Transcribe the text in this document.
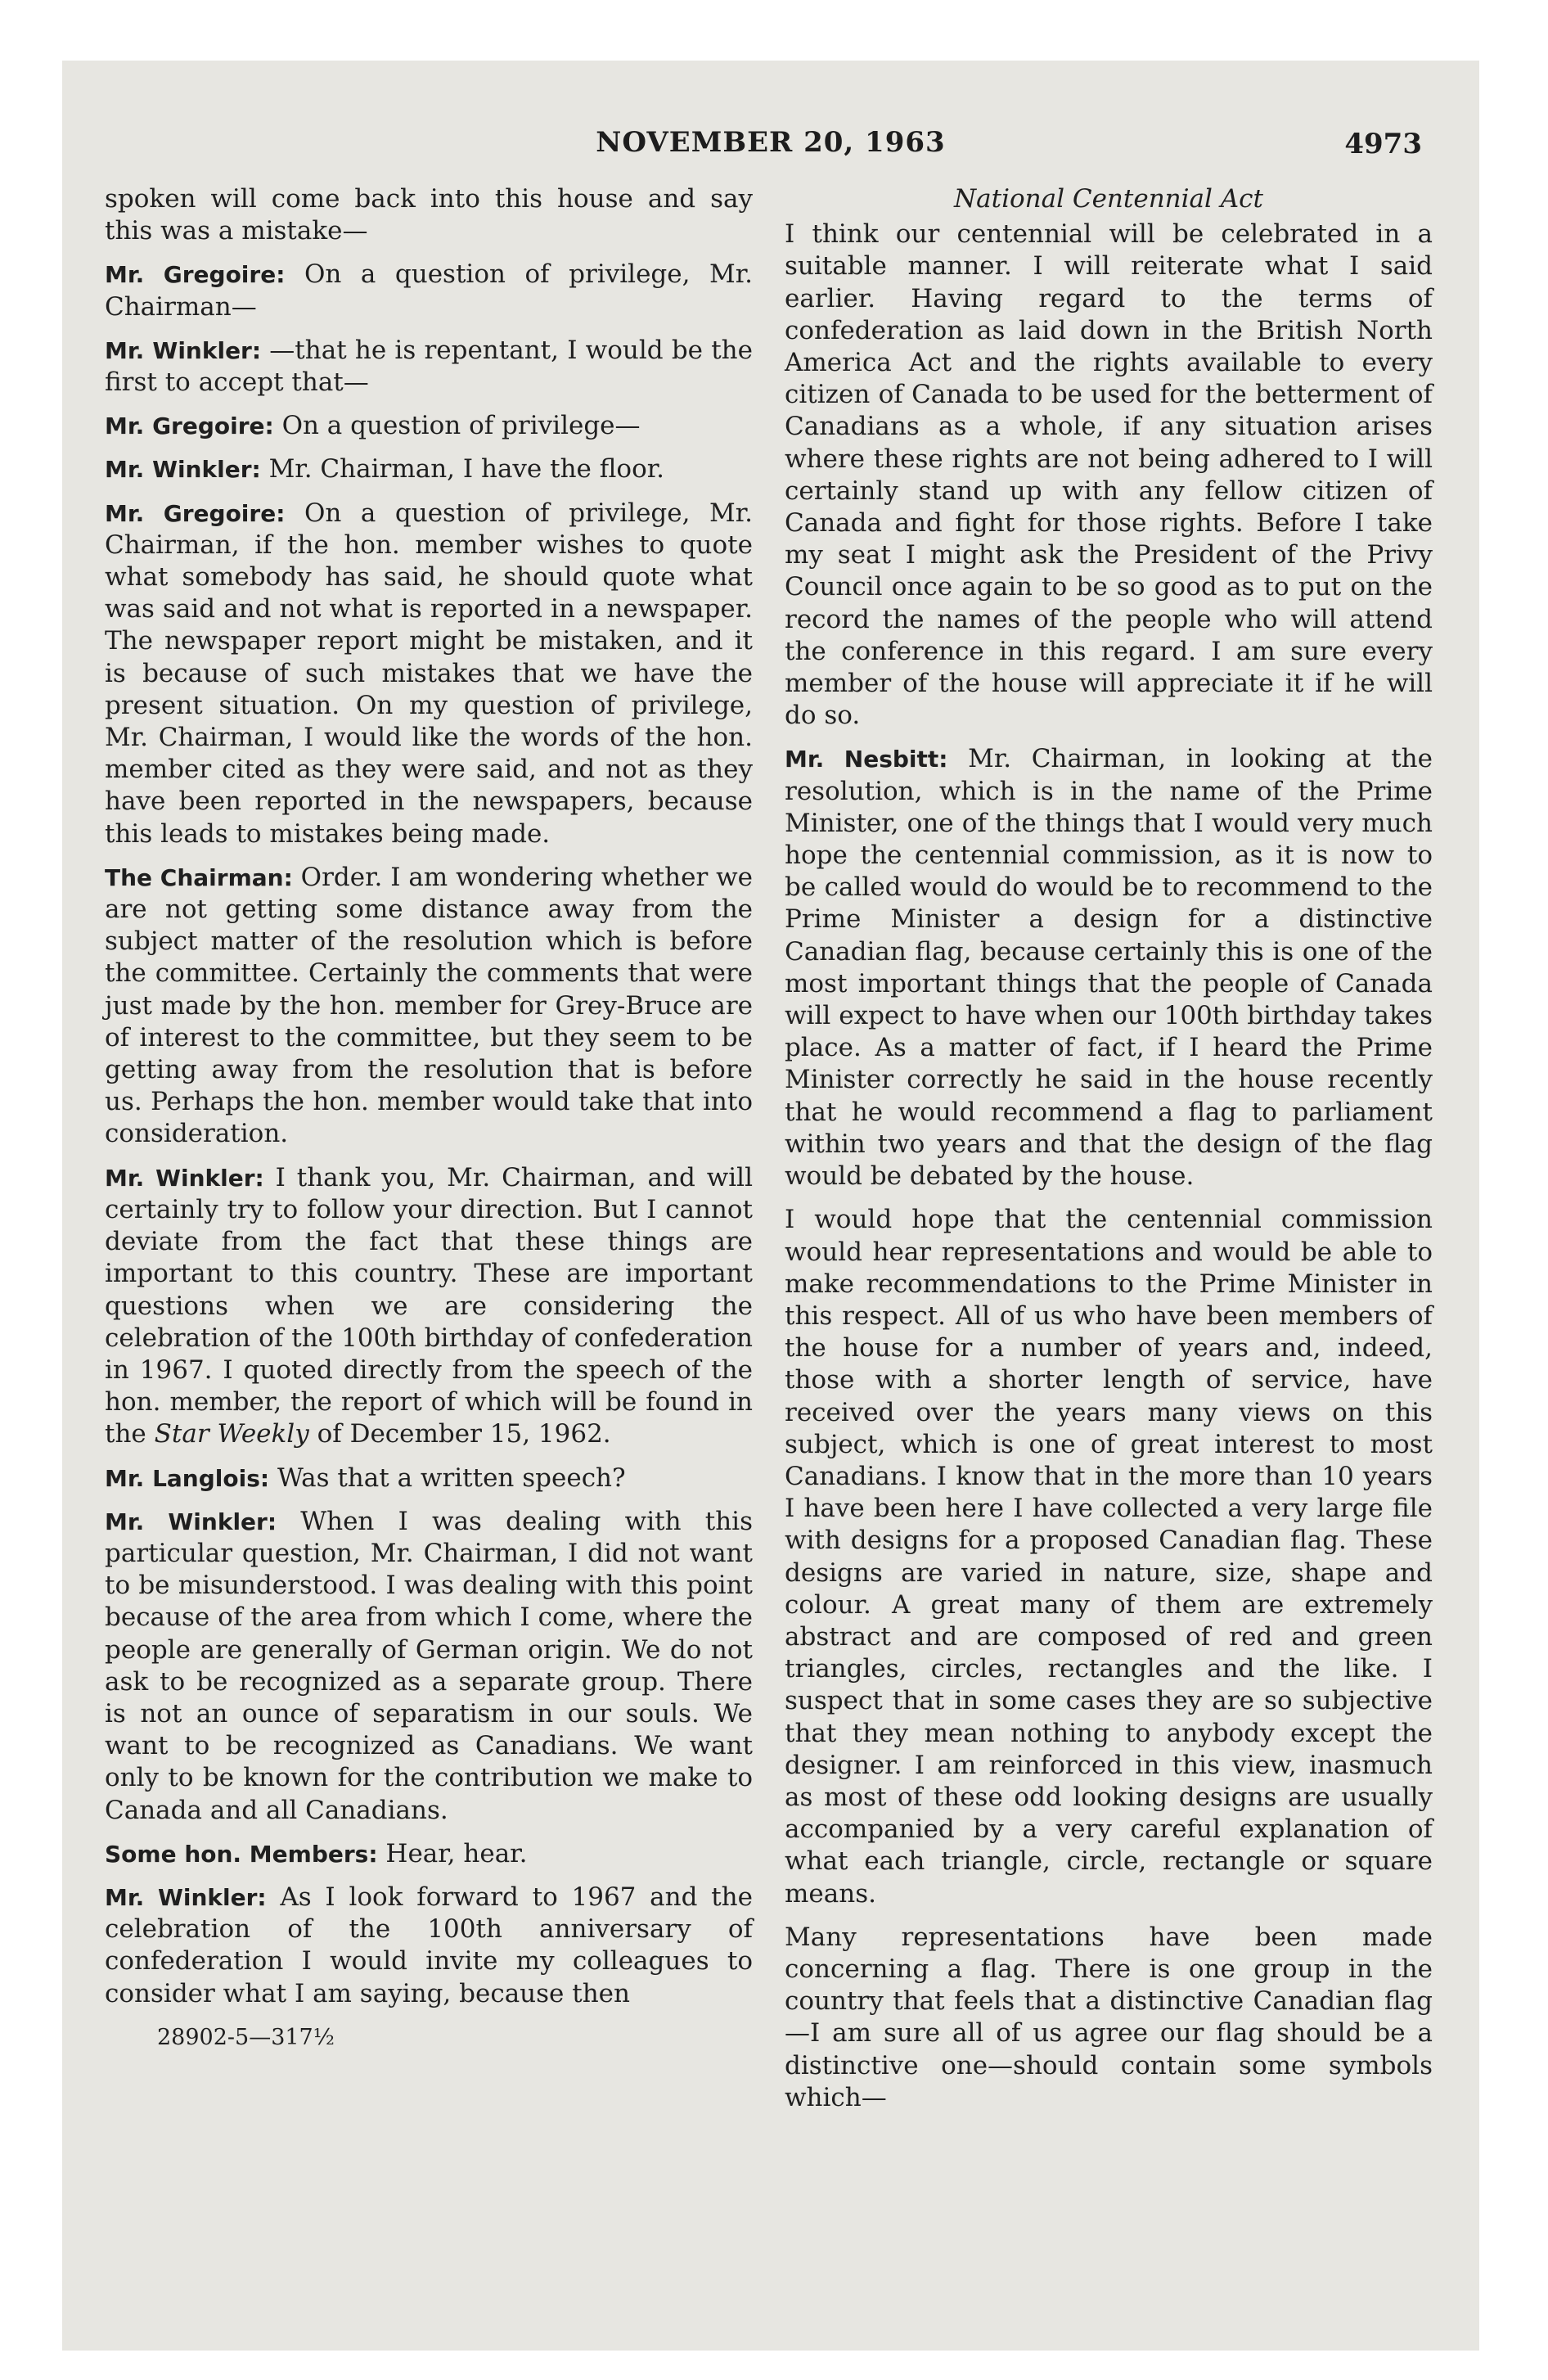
NOVEMBER 20, 1963	4973

spoken will come back into this house and say this was a mistake—

Mr. Gregoire: On a question of privilege, Mr. Chairman—

Mr. Winkler: —that he is repentant, I would be the first to accept that—

Mr. Gregoire: On a question of privilege—

Mr. Winkler: Mr. Chairman, I have the floor.

Mr. Gregoire: On a question of privilege, Mr. Chairman, if the hon. member wishes to quote what somebody has said, he should quote what was said and not what is reported in a newspaper. The newspaper report might be mistaken, and it is because of such mistakes that we have the present situation. On my question of privilege, Mr. Chairman, I would like the words of the hon. member cited as they were said, and not as they have been reported in the newspapers, because this leads to mistakes being made.

The Chairman: Order. I am wondering whether we are not getting some distance away from the subject matter of the resolution which is before the committee. Certainly the comments that were just made by the hon. member for Grey-Bruce are of interest to the committee, but they seem to be getting away from the resolution that is before us. Perhaps the hon. member would take that into consideration.

Mr. Winkler: I thank you, Mr. Chairman, and will certainly try to follow your direction. But I cannot deviate from the fact that these things are important to this country. These are important questions when we are considering the celebration of the 100th birthday of confederation in 1967. I quoted directly from the speech of the hon. member, the report of which will be found in the Star Weekly of December 15, 1962.

Mr. Langlois: Was that a written speech?

Mr. Winkler: When I was dealing with this particular question, Mr. Chairman, I did not want to be misunderstood. I was dealing with this point because of the area from which I come, where the people are generally of German origin. We do not ask to be recognized as a separate group. There is not an ounce of separatism in our souls. We want to be recognized as Canadians. We want only to be known for the contribution we make to Canada and all Canadians.

Some hon. Members: Hear, hear.

Mr. Winkler: As I look forward to 1967 and the celebration of the 100th anniversary of confederation I would invite my colleagues to consider what I am saying, because then

28902-5—317½

National Centennial Act

I think our centennial will be celebrated in a suitable manner. I will reiterate what I said earlier. Having regard to the terms of confederation as laid down in the British North America Act and the rights available to every citizen of Canada to be used for the betterment of Canadians as a whole, if any situation arises where these rights are not being adhered to I will certainly stand up with any fellow citizen of Canada and fight for those rights. Before I take my seat I might ask the President of the Privy Council once again to be so good as to put on the record the names of the people who will attend the conference in this regard. I am sure every member of the house will appreciate it if he will do so.

Mr. Nesbitt: Mr. Chairman, in looking at the resolution, which is in the name of the Prime Minister, one of the things that I would very much hope the centennial commission, as it is now to be called would do would be to recommend to the Prime Minister a design for a distinctive Canadian flag, because certainly this is one of the most important things that the people of Canada will expect to have when our 100th birthday takes place. As a matter of fact, if I heard the Prime Minister correctly he said in the house recently that he would recommend a flag to parliament within two years and that the design of the flag would be debated by the house.

I would hope that the centennial commission would hear representations and would be able to make recommendations to the Prime Minister in this respect. All of us who have been members of the house for a number of years and, indeed, those with a shorter length of service, have received over the years many views on this subject, which is one of great interest to most Canadians. I know that in the more than 10 years I have been here I have collected a very large file with designs for a proposed Canadian flag. These designs are varied in nature, size, shape and colour. A great many of them are extremely abstract and are composed of red and green triangles, circles, rectangles and the like. I suspect that in some cases they are so subjective that they mean nothing to anybody except the designer. I am reinforced in this view, inasmuch as most of these odd looking designs are usually accompanied by a very careful explanation of what each triangle, circle, rectangle or square means.

Many representations have been made concerning a flag. There is one group in the country that feels that a distinctive Canadian flag—I am sure all of us agree our flag should be a distinctive one—should contain some symbols which—
